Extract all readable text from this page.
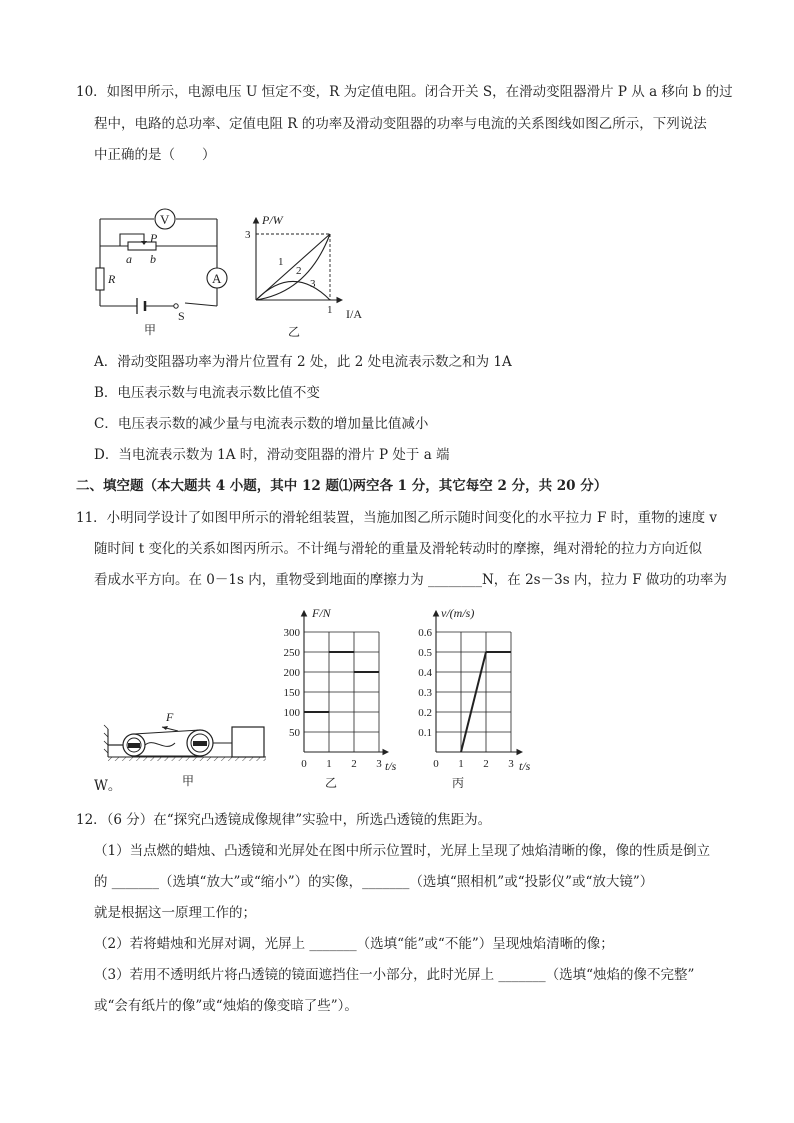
10．如图甲所示，电源电压 U 恒定不变，R 为定值电阻。闭合开关 S，在滑动变阻器滑片 P 从 a 移向 b 的过
程中，电路的总功率、定值电阻 R 的功率及滑动变阻器的功率与电流的关系图线如图乙所示，下列说法
中正确的是（　　）
V
P
a b
A
R
S
甲
P/W
I/A
3
1
1
2
3
乙
A．滑动变阻器功率为滑片位置有 2 处，此 2 处电流表示数之和为 1A
B．电压表示数与电流表示数比值不变
C．电压表示数的减少量与电流表示数的增加量比值减小
D．当电流表示数为 1A 时，滑动变阻器的滑片 P 处于 a 端
二、填空题（本大题共 4 小题，其中 12 题⑴两空各 1 分，其它每空 2 分，共 20 分）
11．小明同学设计了如图甲所示的滑轮组装置，当施加图乙所示随时间变化的水平拉力 F 时，重物的速度 v
随时间 t 变化的关系如图丙所示。不计绳与滑轮的重量及滑轮转动时的摩擦，绳对滑轮的拉力方向近似
看成水平方向。在 0－1s 内，重物受到地面的摩擦力为 ________N，在 2s－3s 内，拉力 F 做功的功率为
F
甲
W。
50
100
150
200
250
300
0 1 2 3
F/N
t/s
乙
0.1
0.2
0.3
0.4
0.5
0.6
0 1 2 3
v/(m/s)
t/s
丙
12．（6 分）在“探究凸透镜成像规律”实验中，所选凸透镜的焦距为。
（1）当点燃的蜡烛、凸透镜和光屏处在图中所示位置时，光屏上呈现了烛焰清晰的像，像的性质是倒立
的 _______（选填“放大”或“缩小”）的实像，_______（选填“照相机”或“投影仪”或“放大镜”）
就是根据这一原理工作的；
（2）若将蜡烛和光屏对调，光屏上 _______（选填“能”或“不能”）呈现烛焰清晰的像；
（3）若用不透明纸片将凸透镜的镜面遮挡住一小部分，此时光屏上 _______（选填“烛焰的像不完整”
或“会有纸片的像”或“烛焰的像变暗了些”）。
